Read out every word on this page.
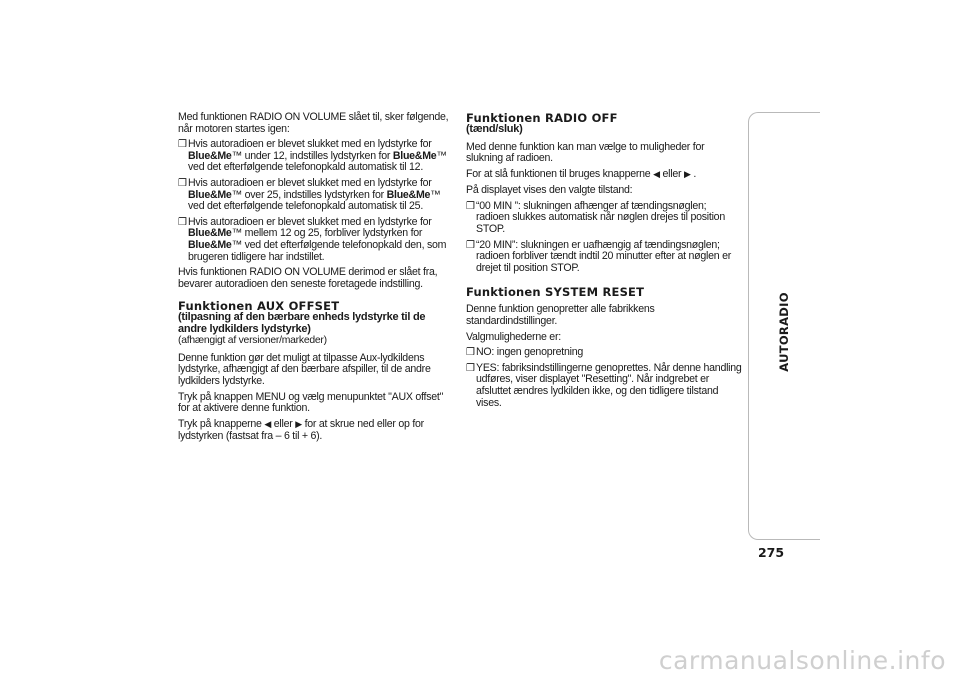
Med funktionen RADIO ON VOLUME slået til, sker følgende, når motoren startes igen:

❒ Hvis autoradioen er blevet slukket med en lydstyrke for Blue&Me™ under 12, indstilles lydstyrken for Blue&Me™ ved det efterfølgende telefonopkald automatisk til 12.
❒ Hvis autoradioen er blevet slukket med en lydstyrke for Blue&Me™ over 25, indstilles lydstyrken for Blue&Me™ ved det efterfølgende telefonopkald automatisk til 25.
❒ Hvis autoradioen er blevet slukket med en lydstyrke for Blue&Me™ mellem 12 og 25, forbliver lydstyrken for Blue&Me™ ved det efterfølgende telefonopkald den, som brugeren tidligere har indstillet.

Hvis funktionen RADIO ON VOLUME derimod er slået fra, bevarer autoradioen den seneste foretagede indstilling.

Funktionen AUX OFFSET
(tilpasning af den bærbare enheds lydstyrke til de andre lydkilders lydstyrke)
(afhængigt af versioner/markeder)

Denne funktion gør det muligt at tilpasse Aux-lydkildens lydstyrke, afhængigt af den bærbare afspiller, til de andre lydkilders lydstyrke.

Tryk på knappen MENU og vælg menupunktet "AUX offset" for at aktivere denne funktion.

Tryk på knapperne ◀ eller ▶ for at skrue ned eller op for lydstyrken (fastsat fra – 6 til + 6).

Funktionen RADIO OFF
(tænd/sluk)

Med denne funktion kan man vælge to muligheder for slukning af radioen.

For at slå funktionen til bruges knapperne ◀ eller ▶ .

På displayet vises den valgte tilstand:

❒ “00 MIN ”: slukningen afhænger af tændingsnøglen; radioen slukkes automatisk når nøglen drejes til position STOP.
❒ “20 MIN”: slukningen er uafhængig af tændingsnøglen; radioen forbliver tændt indtil 20 minutter efter at nøglen er drejet til position STOP.
Funktionen SYSTEM RESET

Denne funktion genopretter alle fabrikkens standardindstillinger.

Valgmulighederne er:

❒ NO: ingen genopretning
❒ YES: fabriksindstillingerne genoprettes. Når denne handling udføres, viser displayet "Resetting". Når indgrebet er afsluttet ændres lydkilden ikke, og den tidligere tilstand vises.
AUTORADIO
275
carmanualsonline.info
